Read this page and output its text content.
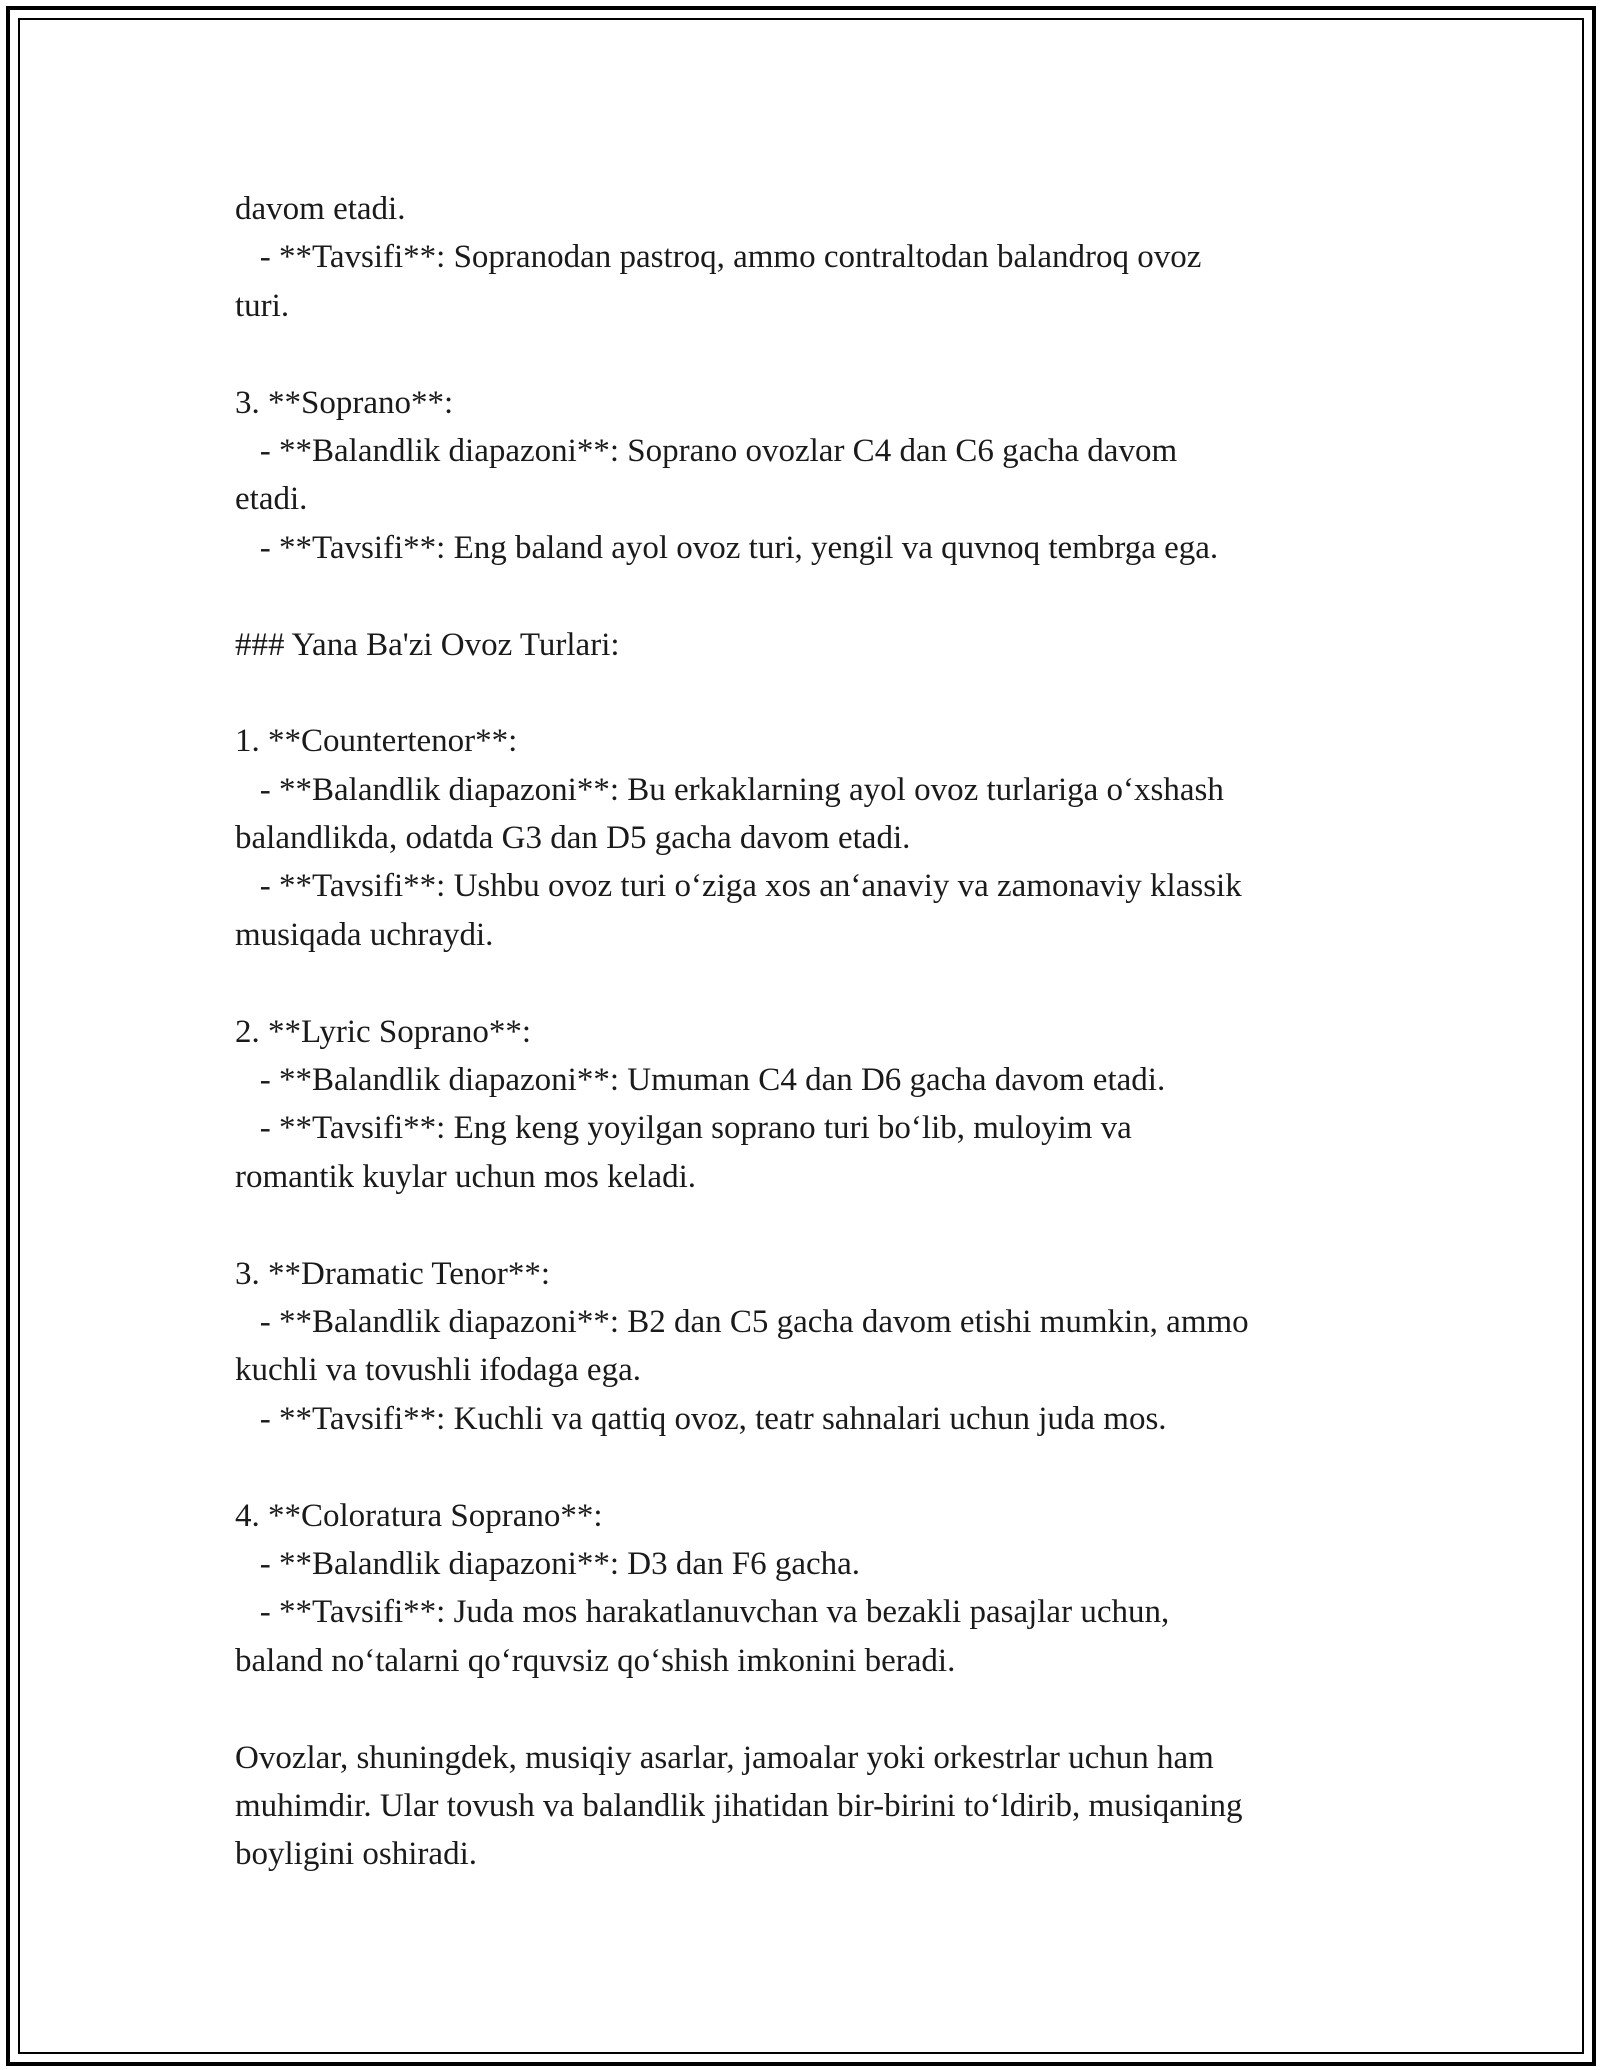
davom etadi.
- **Tavsifi**: Sopranodan pastroq, ammo contraltodan balandroq ovoz
turi.
3. **Soprano**:
- **Balandlik diapazoni**: Soprano ovozlar C4 dan C6 gacha davom
etadi.
- **Tavsifi**: Eng baland ayol ovoz turi, yengil va quvnoq tembrga ega.
### Yana Ba'zi Ovoz Turlari:
1. **Countertenor**:
- **Balandlik diapazoni**: Bu erkaklarning ayol ovoz turlariga o‘xshash
balandlikda, odatda G3 dan D5 gacha davom etadi.
- **Tavsifi**: Ushbu ovoz turi o‘ziga xos an‘anaviy va zamonaviy klassik
musiqada uchraydi.
2. **Lyric Soprano**:
- **Balandlik diapazoni**: Umuman C4 dan D6 gacha davom etadi.
- **Tavsifi**: Eng keng yoyilgan soprano turi bo‘lib, muloyim va
romantik kuylar uchun mos keladi.
3. **Dramatic Tenor**:
- **Balandlik diapazoni**: B2 dan C5 gacha davom etishi mumkin, ammo
kuchli va tovushli ifodaga ega.
- **Tavsifi**: Kuchli va qattiq ovoz, teatr sahnalari uchun juda mos.
4. **Coloratura Soprano**:
- **Balandlik diapazoni**: D3 dan F6 gacha.
- **Tavsifi**: Juda mos harakatlanuvchan va bezakli pasajlar uchun,
baland no‘talarni qo‘rquvsiz qo‘shish imkonini beradi.
Ovozlar, shuningdek, musiqiy asarlar, jamoalar yoki orkestrlar uchun ham
muhimdir. Ular tovush va balandlik jihatidan bir-birini to‘ldirib, musiqaning
boyligini oshiradi.
